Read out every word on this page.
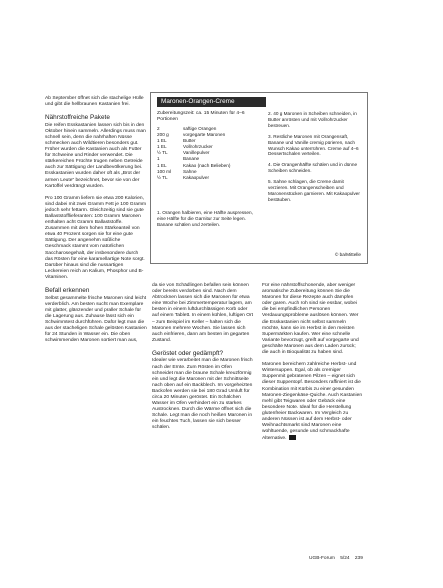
Ab September öffnet sich die stachelige Hülle und gibt die hellbraunen Kastanien frei.

Nährstoffreiche Pakete

Die reifen Esskastanien lassen sich bis in den Oktober hinein sammeln. Allerdings muss man schnell sein, denn die nahrhaften Nüsse schmecken auch Wildtieren besonders gut. Früher wurden die Kastanien auch als Futter für Schweine und Rinder verwendet. Die stärkereichen Früchte trugen neben Getreide auch zur Sättigung der Landbevölkerung bei. Esskastanien wurden daher oft als „Brot der armen Leute“ bezeichnet, bevor sie von der Kartoffel verdrängt wurden.

Pro 100 Gramm liefern sie etwa 200 Kalorien, sind dabei mit zwei Gramm Fett je 100 Gramm jedoch sehr fettarm. Gleichzeitig sind sie gute Ballaststofflieferanten: 100 Gramm Maronen enthalten acht Gramm Ballaststoffe. Zusammen mit dem hohen Stärkeanteil von etwa 40 Prozent sorgen sie für eine gute Sättigung. Der angenehm süßliche Geschmack stammt vom natürlichen Saccharosegehalt, der insbesondere durch das Rösten für eine karamellartige Note sorgt. Darüber hinaus sind die nussartigen Leckereien reich an Kalium, Phosphor und B-Vitaminen.

Befall erkennen

Selbst gesammelte frische Maronen sind leicht verderblich. Am besten sucht man Exemplare mit glatter, glänzender und praller Schale für die Lagerung aus. Zuhause lässt sich ein Schwimmtest durchführen. Dafür legt man die aus der stacheligen Schale gelösten Kastanien für 24 Stunden in Wasser ein. Die oben schwimmenden Maronen sortiert man aus,

Maronen-Orangen-Creme
Zubereitungszeit: ca. 15 Minuten für 4–6 Portionen
2	saftige Orangen
200 g	vorgegarte Maronen
1 EL	Butter
1 EL	Vollrohrzucker
½ TL	Vanillepulver
1	Banane
1 EL	Kakao (nach Belieben)
100 ml	Sahne
½ TL	Kakaopulver

1. Orangen halbieren, eine Hälfte auspressen, eine Hälfte für die Garnitur zur Seite legen. Banane schälen und zerteilen.

2. 40 g Maronen in Scheiben schneiden, in Butter anrösten und mit Vollrohrzucker bestreuen.

3. Restliche Maronen mit Orangensaft, Banane und Vanille cremig pürieren, nach Wunsch Kakao unterrühren. Creme auf 4–6 Dessertschalen verteilen.

4. Die Orangenhälfte schälen und in dünne Scheiben schneiden.

5. Sahne schlagen, die Creme damit verzieren. Mit Orangenscheiben und Maronenstücken garnieren. Mit Kakaopulver bestäuben.

© ba/Mittelle

da sie von Schädlingen befallen sein können oder bereits verdorben sind. Nach dem Abtrocknen lassen sich die Maronen für etwa eine Woche bei Zimmertemperatur lagern, am besten in einem luftdurchlässigen Korb oder auf einem Tablett. In einem kühlen, luftigen Ort – zum Beispiel im Keller – halten sich die Maronen mehrere Wochen. Sie lassen sich auch einfrieren, dann am besten im gegarten Zustand.

Geröstet oder gedämpft?

Idealer wie verarbeitet man die Maronen frisch nach der Ernte. Zum Rösten im Ofen schneidet man die braune Schale kreuzförmig ein und legt die Maronen mit der Schnittseite nach oben auf ein Backblech. Im vorgeheizten Backofen werden sie bei 180 Grad Umluft für circa 20 Minuten geröstet. Ein Schälchen Wasser im Ofen verhindert ein zu starkes Austrocknen. Durch die Wärme öffnet sich die Schale. Legt man die noch heißen Maronen in ein feuchtes Tuch, lassen sie sich besser schälen.

Für eine nährstoffschonende, aber weniger aromatische Zubereitung können Sie die Maronen für diese Rezepte auch dämpfen oder garen. Auch roh sind sie essbar, wobei die bei empfindlichen Personen Verdauungsprobleme auslösen können. Wer die Esskastanien nicht selbst sammeln möchte, kann sie im Herbst in den meisten Supermärkten kaufen. Wer eine schnelle Variante bevorzugt, greift auf vorgegarte und geschälte Maronen aus dem Laden zurück; die auch in Bioqualität zu haben sind.

Maronen bereichern zahlreiche Herbst- und Wintersuppen. Egal, ob als cremiger Suppenmit gebratenen Pilzen – eignet sich dieser Suppentopf. Besonders raffiniert ist die Kombination mit Kürbis zu einer gesunden Maronen-Ziegenkäse-Quiche. Auch Kastanien mehl gibt Teigwaren oder Gebäck eine besondere Note. Ideal für die Herstellung glutenfreier Backwaren. Im Vergleich zu anderen Nüssen ist auf dem Herbst- oder Weihnachtsmarkt sind Maronen eine wohltuende, gesunde und schmackhafte Alternative.

UGB-Forum 5/24 239
